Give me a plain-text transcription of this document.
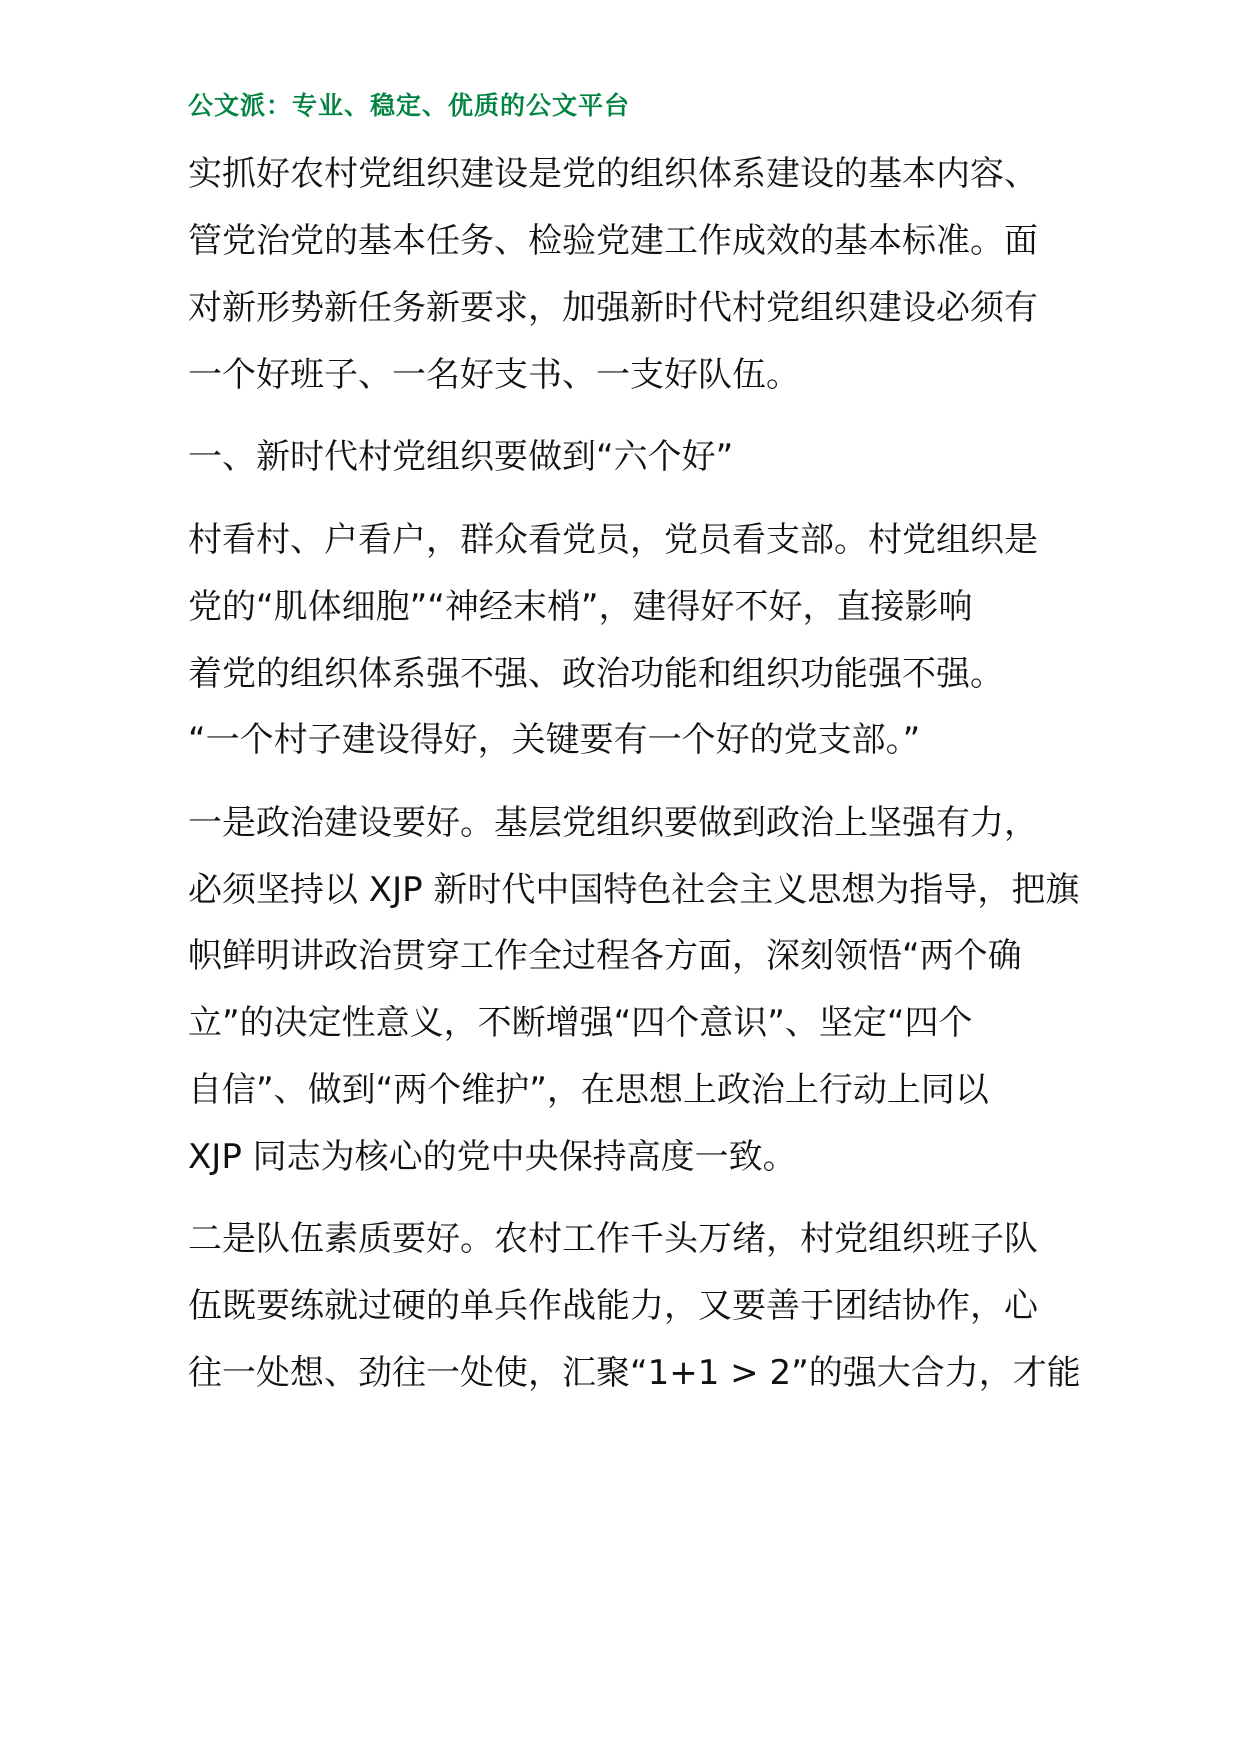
公文派：专业、稳定、优质的公文平台
实抓好农村党组织建设是党的组织体系建设的基本内容、
管党治党的基本任务、检验党建工作成效的基本标准。面
对新形势新任务新要求，加强新时代村党组织建设必须有
一个好班子、一名好支书、一支好队伍。
一、新时代村党组织要做到“六个好”
村看村、户看户，群众看党员，党员看支部。村党组织是
党的“肌体细胞”“神经末梢”，建得好不好，直接影响
着党的组织体系强不强、政治功能和组织功能强不强。
“一个村子建设得好，关键要有一个好的党支部。”
一是政治建设要好。基层党组织要做到政治上坚强有力，
必须坚持以 XJP 新时代中国特色社会主义思想为指导，把旗
帜鲜明讲政治贯穿工作全过程各方面，深刻领悟“两个确
立”的决定性意义，不断增强“四个意识”、坚定“四个
自信”、做到“两个维护”，在思想上政治上行动上同以
XJP 同志为核心的党中央保持高度一致。
二是队伍素质要好。农村工作千头万绪，村党组织班子队
伍既要练就过硬的单兵作战能力，又要善于团结协作，心
往一处想、劲往一处使，汇聚“1+1 > 2”的强大合力，才能
